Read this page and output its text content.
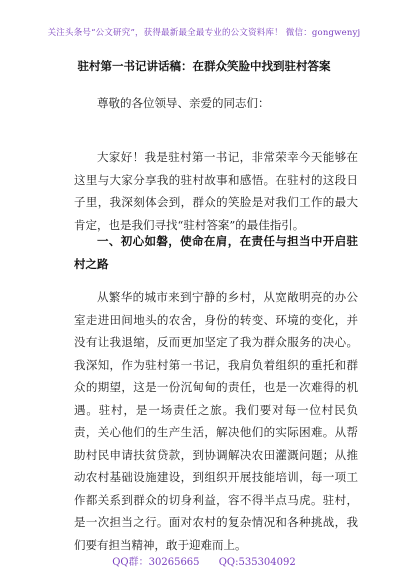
关注头条号“公文研究”，获得最新最全最专业的公文资料库！ 微信：gongwenyj
驻村第一书记讲话稿：在群众笑脸中找到驻村答案
尊敬的各位领导、亲爱的同志们：
大家好！我是驻村第一书记，非常荣幸今天能够在这里与大家分享我的驻村故事和感悟。在驻村的这段日子里，我深刻体会到，群众的笑脸是对我们工作的最大肯定，也是我们寻找“驻村答案”的最佳指引。
一、初心如磐，使命在肩，在责任与担当中开启驻村之路
从繁华的城市来到宁静的乡村，从宽敞明亮的办公室走进田间地头的农舍，身份的转变、环境的变化，并没有让我退缩，反而更加坚定了我为群众服务的决心。我深知，作为驻村第一书记，我肩负着组织的重托和群众的期望，这是一份沉甸甸的责任，也是一次难得的机遇。驻村，是一场责任之旅。我们要对每一位村民负责，关心他们的生产生活，解决他们的实际困难。从帮助村民申请扶贫贷款，到协调解决农田灌溉问题；从推动农村基础设施建设，到组织开展技能培训，每一项工作都关系到群众的切身利益，容不得半点马虎。驻村，是一次担当之行。面对农村的复杂情况和各种挑战，我们要有担当精神，敢于迎难而上。
QQ群：30265665 QQ:535304092
